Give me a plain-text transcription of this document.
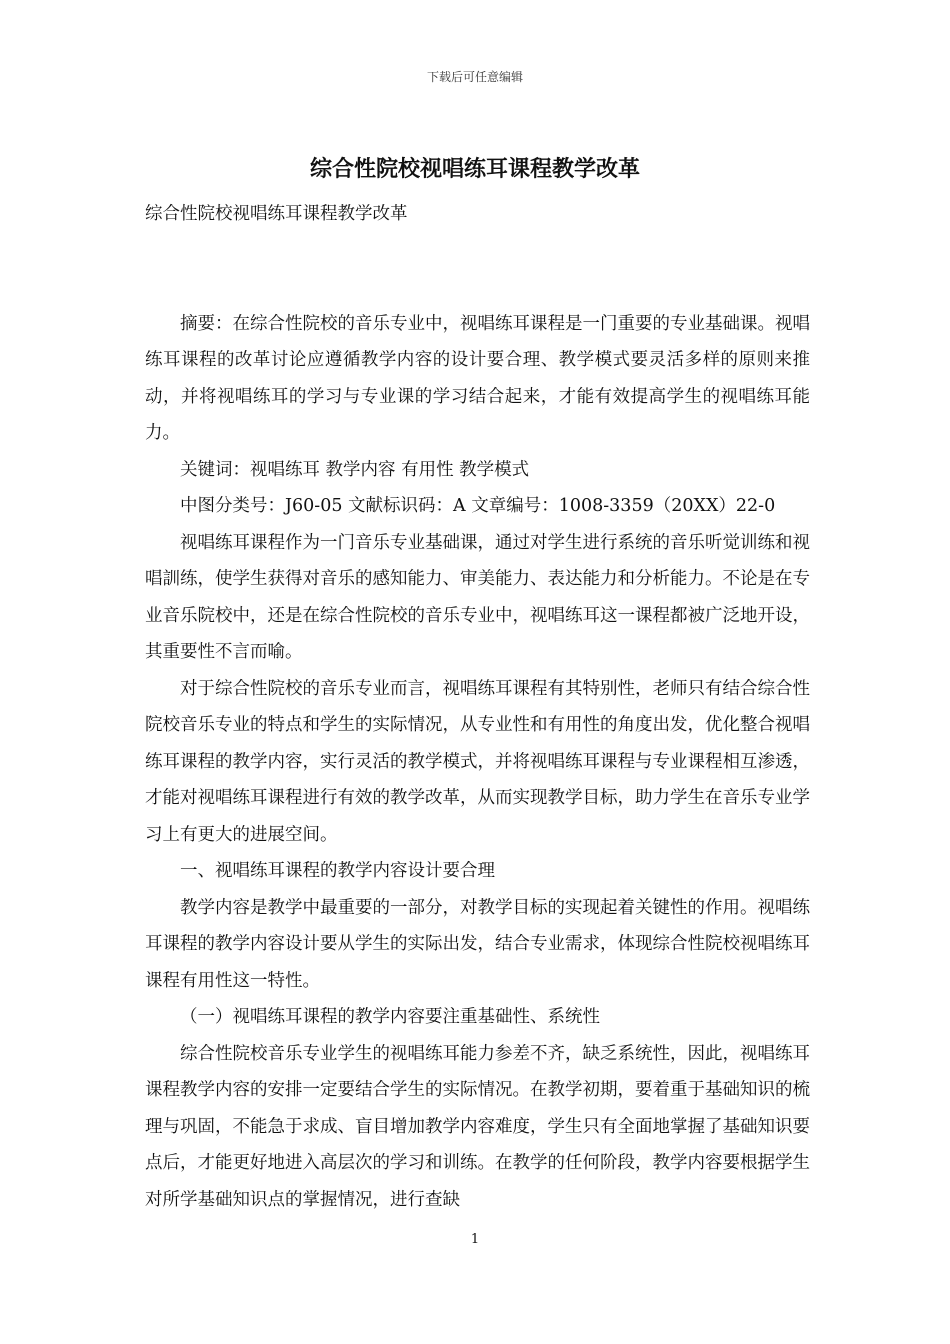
下载后可任意编辑
综合性院校视唱练耳课程教学改革

综合性院校视唱练耳课程教学改革

摘要：在综合性院校的音乐专业中，视唱练耳课程是一门重要的专业基础课。视唱练耳课程的改革讨论应遵循教学内容的设计要合理、教学模式要灵活多样的原则来推动，并将视唱练耳的学习与专业课的学习结合起来，才能有效提高学生的视唱练耳能力。

关键词：视唱练耳 教学内容 有用性 教学模式

中图分类号：J60-05 文献标识码：A 文章编号：1008-3359（20XX）22-0

视唱练耳课程作为一门音乐专业基础课，通过对学生进行系统的音乐听觉训练和视唱訓练，使学生获得对音乐的感知能力、审美能力、表达能力和分析能力。不论是在专业音乐院校中，还是在综合性院校的音乐专业中，视唱练耳这一课程都被广泛地开设，其重要性不言而喻。

对于综合性院校的音乐专业而言，视唱练耳课程有其特别性，老师只有结合综合性院校音乐专业的特点和学生的实际情况，从专业性和有用性的角度出发，优化整合视唱练耳课程的教学内容，实行灵活的教学模式，并将视唱练耳课程与专业课程相互渗透，才能对视唱练耳课程进行有效的教学改革，从而实现教学目标，助力学生在音乐专业学习上有更大的进展空间。

一、视唱练耳课程的教学内容设计要合理

教学内容是教学中最重要的一部分，对教学目标的实现起着关键性的作用。视唱练耳课程的教学内容设计要从学生的实际出发，结合专业需求，体现综合性院校视唱练耳课程有用性这一特性。

（一）视唱练耳课程的教学内容要注重基础性、系统性

综合性院校音乐专业学生的视唱练耳能力参差不齐，缺乏系统性，因此，视唱练耳课程教学内容的安排一定要结合学生的实际情况。在教学初期，要着重于基础知识的梳理与巩固，不能急于求成、盲目增加教学内容难度，学生只有全面地掌握了基础知识要点后，才能更好地进入高层次的学习和训练。在教学的任何阶段，教学内容要根据学生对所学基础知识点的掌握情况，进行查缺

1
